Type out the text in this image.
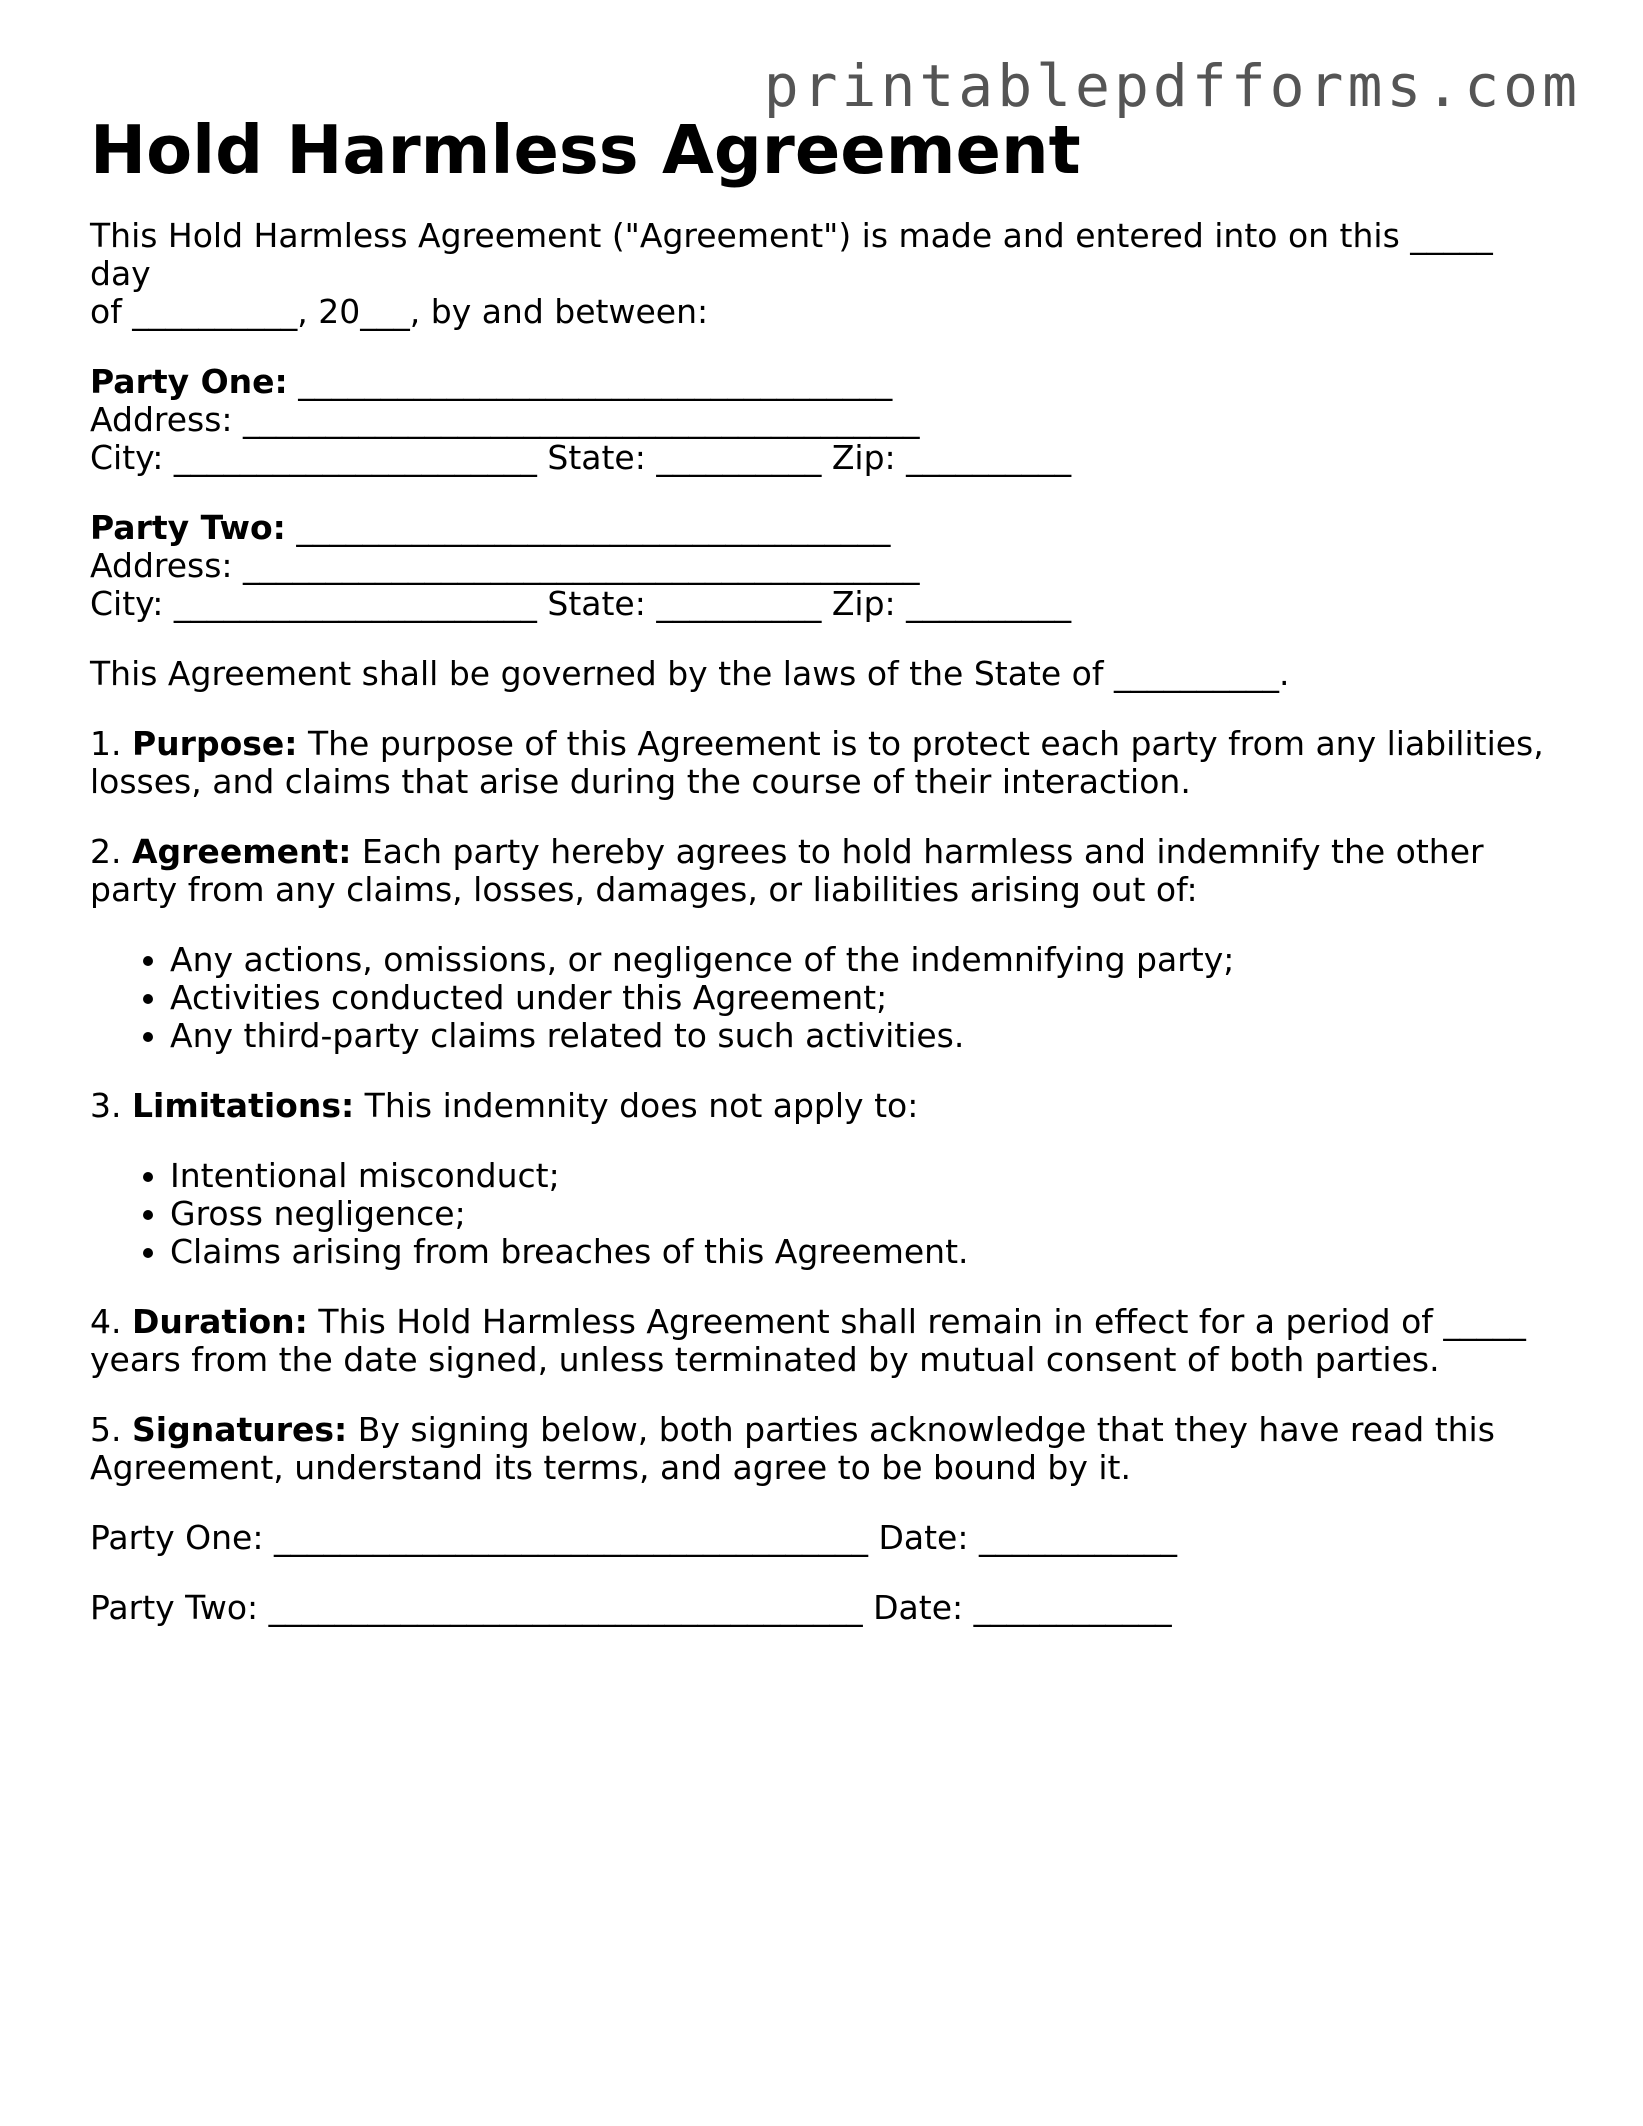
printablepdfforms.com
Hold Harmless Agreement

This Hold Harmless Agreement ("Agreement") is made and entered into on this _____ day
of __________, 20___, by and between:

Party One: ____________________________________
Address: _________________________________________
City: ______________________ State: __________ Zip: __________
Party Two: ____________________________________
Address: _________________________________________
City: ______________________ State: __________ Zip: __________

This Agreement shall be governed by the laws of the State of __________.

1. Purpose: The purpose of this Agreement is to protect each party from any liabilities, losses, and claims that arise during the course of their interaction.

2. Agreement: Each party hereby agrees to hold harmless and indemnify the other party from any claims, losses, damages, or liabilities arising out of:

• Any actions, omissions, or negligence of the indemnifying party;
• Activities conducted under this Agreement;
• Any third-party claims related to such activities.

3. Limitations: This indemnity does not apply to:

• Intentional misconduct;
• Gross negligence;
• Claims arising from breaches of this Agreement.

4. Duration: This Hold Harmless Agreement shall remain in effect for a period of _____ years from the date signed, unless terminated by mutual consent of both parties.

5. Signatures: By signing below, both parties acknowledge that they have read this Agreement, understand its terms, and agree to be bound by it.

Party One: ____________________________________ Date: ____________

Party Two: ____________________________________ Date: ____________
